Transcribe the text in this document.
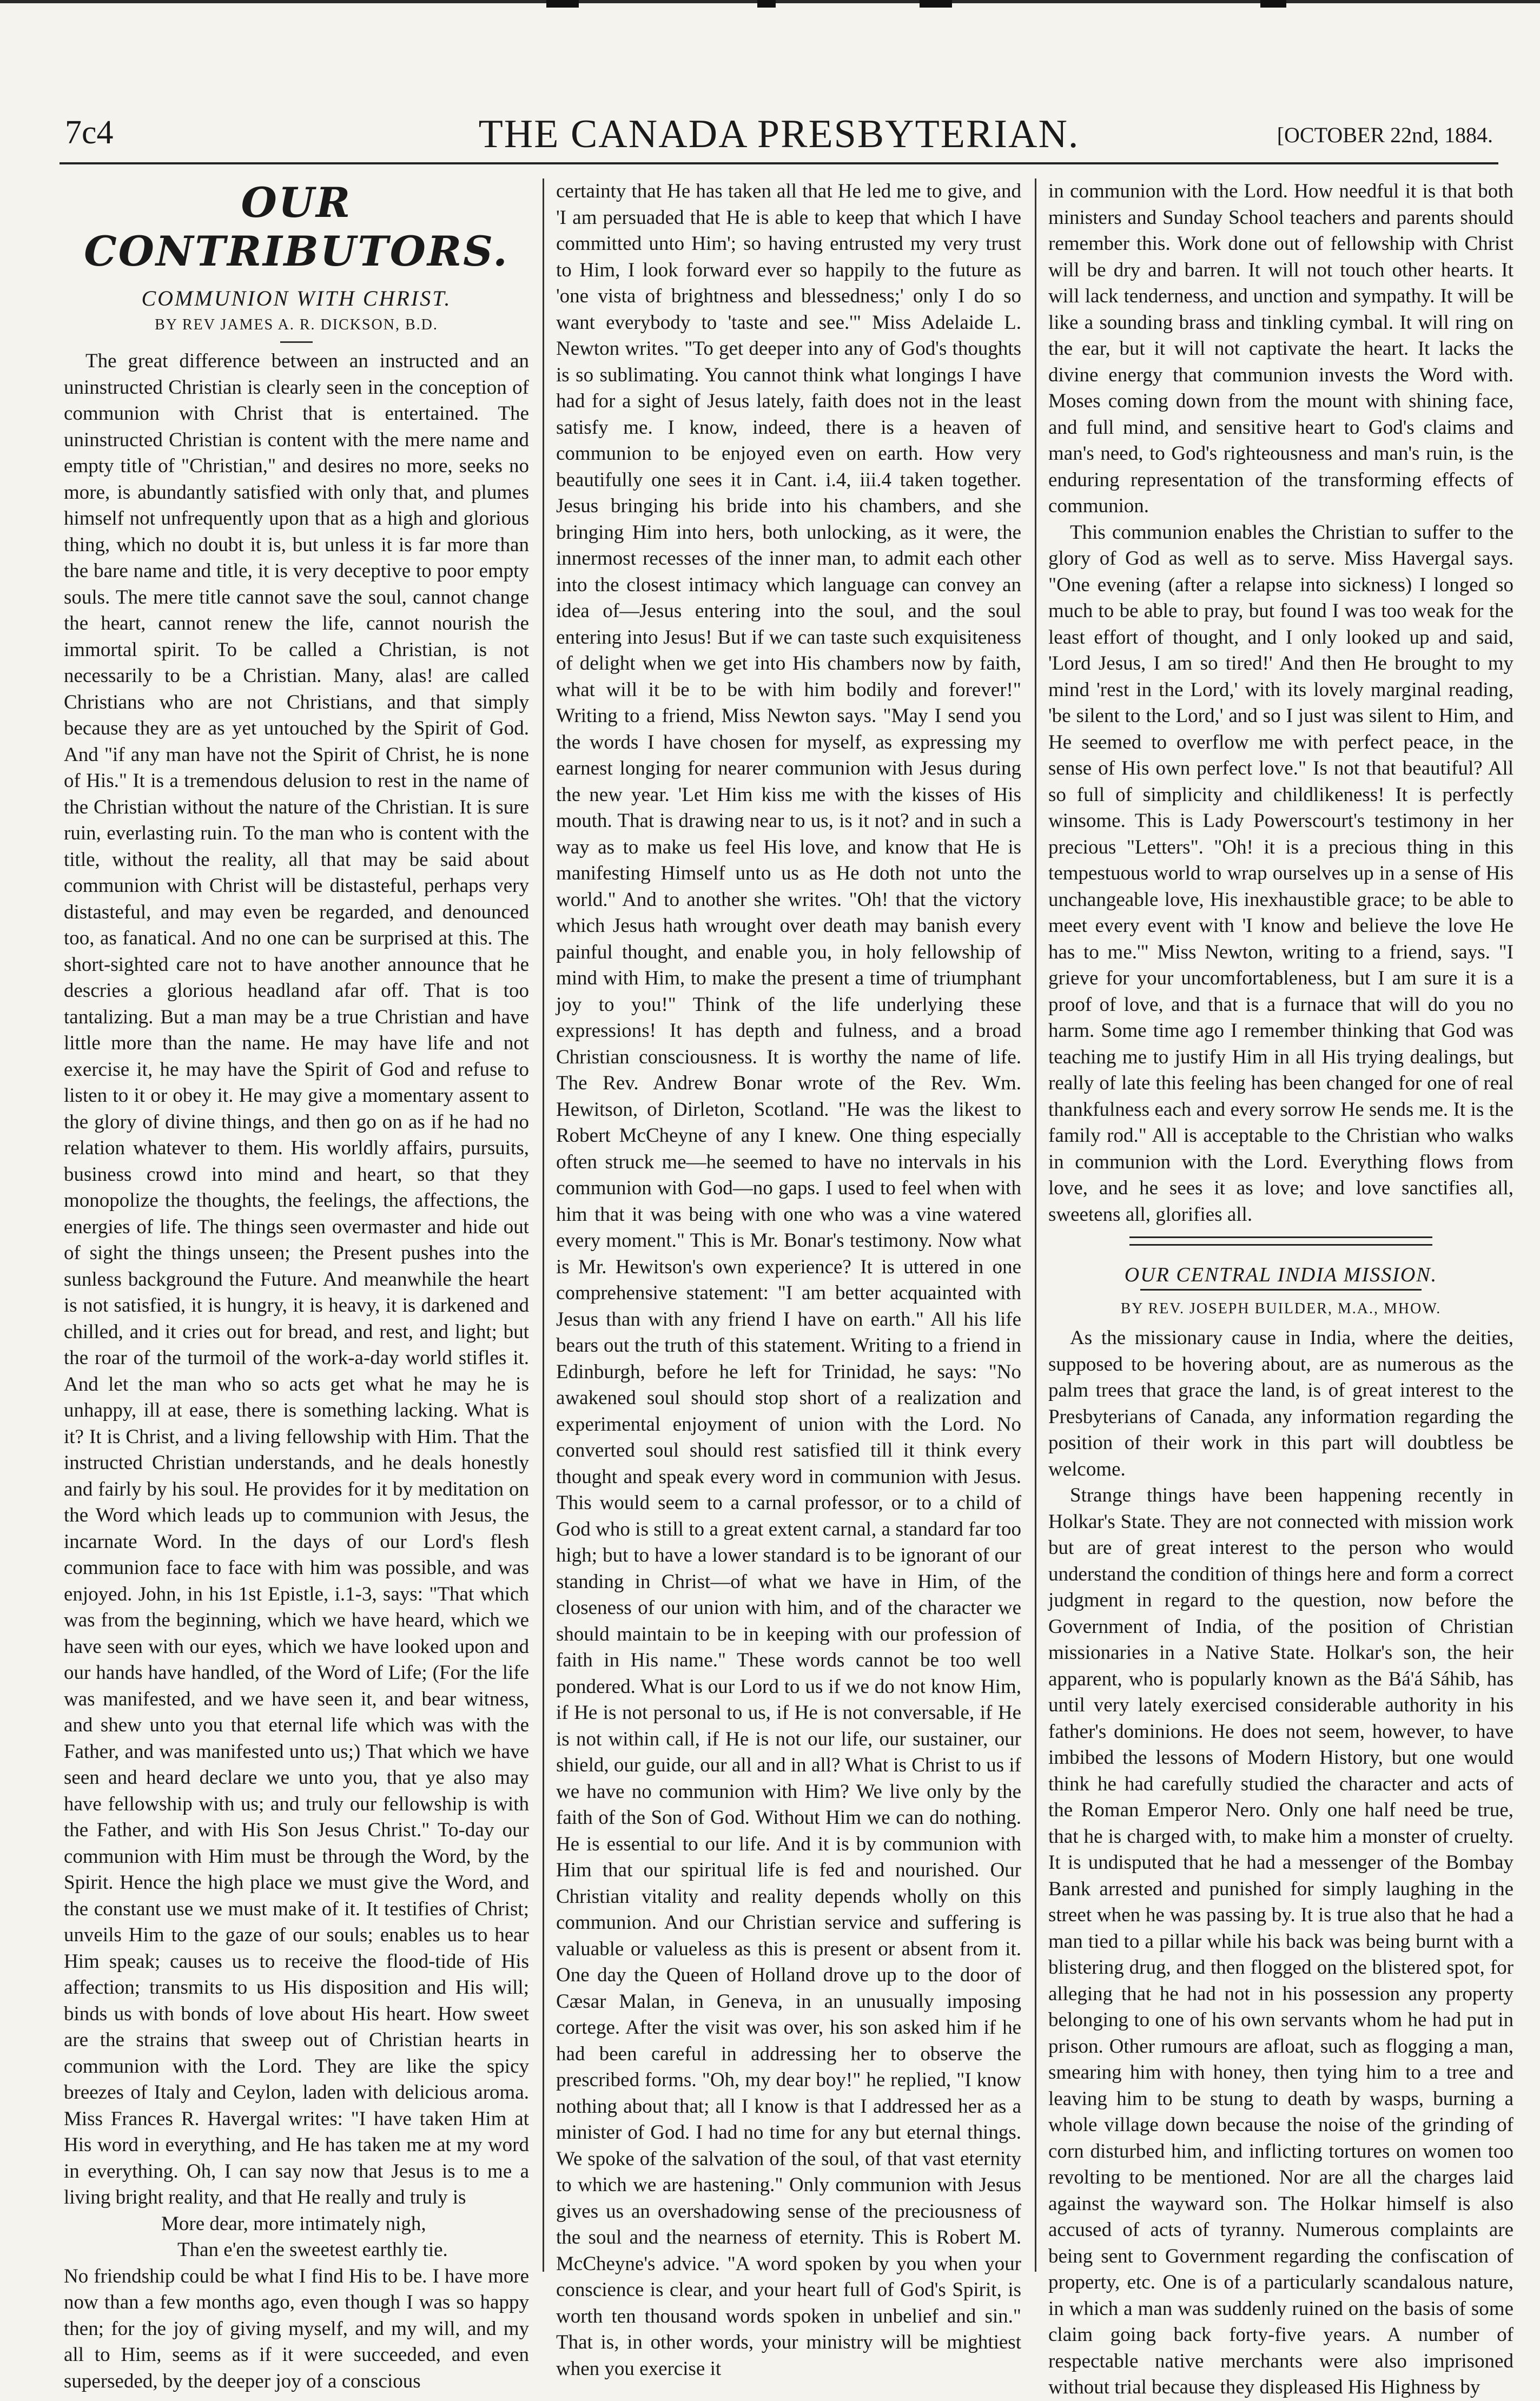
7c4	THE CANADA PRESBYTERIAN.	[OCTOBER 22nd, 1884.
OUR CONTRIBUTORS.
COMMUNION WITH CHRIST.
BY REV JAMES A. R. DICKSON, B.D.

The great difference between an instructed and an uninstructed Christian is clearly seen in the conception of communion with Christ that is entertained. The uninstructed Christian is content with the mere name and empty title of "Christian," and desires no more, seeks no more, is abundantly satisfied with only that, and plumes himself not unfrequently upon that as a high and glorious thing, which no doubt it is, but unless it is far more than the bare name and title, it is very deceptive to poor empty souls. The mere title cannot save the soul, cannot change the heart, cannot renew the life, cannot nourish the immortal spirit. To be called a Christian, is not necessarily to be a Christian. Many, alas! are called Christians who are not Christians, and that simply because they are as yet untouched by the Spirit of God. And "if any man have not the Spirit of Christ, he is none of His." It is a tremendous delusion to rest in the name of the Christian without the nature of the Christian. It is sure ruin, everlasting ruin. To the man who is content with the title, without the reality, all that may be said about communion with Christ will be distasteful, perhaps very distasteful, and may even be regarded, and denounced too, as fanatical. And no one can be surprised at this. The short-sighted care not to have another announce that he descries a glorious headland afar off. That is too tantalizing. But a man may be a true Christian and have little more than the name. He may have life and not exercise it, he may have the Spirit of God and refuse to listen to it or obey it. He may give a momentary assent to the glory of divine things, and then go on as if he had no relation whatever to them. His worldly affairs, pursuits, business crowd into mind and heart, so that they monopolize the thoughts, the feelings, the affections, the energies of life. The things seen overmaster and hide out of sight the things unseen; the Present pushes into the sunless background the Future. And meanwhile the heart is not satisfied, it is hungry, it is heavy, it is darkened and chilled, and it cries out for bread, and rest, and light; but the roar of the turmoil of the work-a-day world stifles it. And let the man who so acts get what he may he is unhappy, ill at ease, there is something lacking. What is it? It is Christ, and a living fellowship with Him. That the instructed Christian understands, and he deals honestly and fairly by his soul. He provides for it by meditation on the Word which leads up to communion with Jesus, the incarnate Word. In the days of our Lord's flesh communion face to face with him was possible, and was enjoyed. John, in his 1st Epistle, i.1-3, says: "That which was from the beginning, which we have heard, which we have seen with our eyes, which we have looked upon and our hands have handled, of the Word of Life; (For the life was manifested, and we have seen it, and bear witness, and shew unto you that eternal life which was with the Father, and was manifested unto us;) That which we have seen and heard declare we unto you, that ye also may have fellowship with us; and truly our fellowship is with the Father, and with His Son Jesus Christ." To-day our communion with Him must be through the Word, by the Spirit. Hence the high place we must give the Word, and the constant use we must make of it. It testifies of Christ; unveils Him to the gaze of our souls; enables us to hear Him speak; causes us to receive the flood-tide of His affection; transmits to us His disposition and His will; binds us with bonds of love about His heart. How sweet are the strains that sweep out of Christian hearts in communion with the Lord. They are like the spicy breezes of Italy and Ceylon, laden with delicious aroma. Miss Frances R. Havergal writes: "I have taken Him at His word in everything, and He has taken me at my word in everything. Oh, I can say now that Jesus is to me a living bright reality, and that He really and truly is

More dear, more intimately nigh,

Than e'en the sweetest earthly tie.

No friendship could be what I find His to be. I have more now than a few months ago, even though I was so happy then; for the joy of giving myself, and my will, and my all to Him, seems as if it were succeeded, and even superseded, by the deeper joy of a conscious

certainty that He has taken all that He led me to give, and 'I am persuaded that He is able to keep that which I have committed unto Him'; so having entrusted my very trust to Him, I look forward ever so happily to the future as 'one vista of brightness and blessedness;' only I do so want everybody to 'taste and see.'" Miss Adelaide L. Newton writes. "To get deeper into any of God's thoughts is so sublimating. You cannot think what longings I have had for a sight of Jesus lately, faith does not in the least satisfy me. I know, indeed, there is a heaven of communion to be enjoyed even on earth. How very beautifully one sees it in Cant. i.4, iii.4 taken together. Jesus bringing his bride into his chambers, and she bringing Him into hers, both unlocking, as it were, the innermost recesses of the inner man, to admit each other into the closest intimacy which language can convey an idea of—Jesus entering into the soul, and the soul entering into Jesus! But if we can taste such exquisiteness of delight when we get into His chambers now by faith, what will it be to be with him bodily and forever!" Writing to a friend, Miss Newton says. "May I send you the words I have chosen for myself, as expressing my earnest longing for nearer communion with Jesus during the new year. 'Let Him kiss me with the kisses of His mouth. That is drawing near to us, is it not? and in such a way as to make us feel His love, and know that He is manifesting Himself unto us as He doth not unto the world." And to another she writes. "Oh! that the victory which Jesus hath wrought over death may banish every painful thought, and enable you, in holy fellowship of mind with Him, to make the present a time of triumphant joy to you!" Think of the life underlying these expressions! It has depth and fulness, and a broad Christian consciousness. It is worthy the name of life. The Rev. Andrew Bonar wrote of the Rev. Wm. Hewitson, of Dirleton, Scotland. "He was the likest to Robert McCheyne of any I knew. One thing especially often struck me—he seemed to have no intervals in his communion with God—no gaps. I used to feel when with him that it was being with one who was a vine watered every moment." This is Mr. Bonar's testimony. Now what is Mr. Hewitson's own experience? It is uttered in one comprehensive statement: "I am better acquainted with Jesus than with any friend I have on earth." All his life bears out the truth of this statement. Writing to a friend in Edinburgh, before he left for Trinidad, he says: "No awakened soul should stop short of a realization and experimental enjoyment of union with the Lord. No converted soul should rest satisfied till it think every thought and speak every word in communion with Jesus. This would seem to a carnal professor, or to a child of God who is still to a great extent carnal, a standard far too high; but to have a lower standard is to be ignorant of our standing in Christ—of what we have in Him, of the closeness of our union with him, and of the character we should maintain to be in keeping with our profession of faith in His name." These words cannot be too well pondered. What is our Lord to us if we do not know Him, if He is not personal to us, if He is not conversable, if He is not within call, if He is not our life, our sustainer, our shield, our guide, our all and in all? What is Christ to us if we have no communion with Him? We live only by the faith of the Son of God. Without Him we can do nothing. He is essential to our life. And it is by communion with Him that our spiritual life is fed and nourished. Our Christian vitality and reality depends wholly on this communion. And our Christian service and suffering is valuable or valueless as this is present or absent from it. One day the Queen of Holland drove up to the door of Cæsar Malan, in Geneva, in an unusually imposing cortege. After the visit was over, his son asked him if he had been careful in addressing her to observe the prescribed forms. "Oh, my dear boy!" he replied, "I know nothing about that; all I know is that I addressed her as a minister of God. I had no time for any but eternal things. We spoke of the salvation of the soul, of that vast eternity to which we are hastening." Only communion with Jesus gives us an overshadowing sense of the preciousness of the soul and the nearness of eternity. This is Robert M. McCheyne's advice. "A word spoken by you when your conscience is clear, and your heart full of God's Spirit, is worth ten thousand words spoken in unbelief and sin." That is, in other words, your ministry will be mightiest when you exercise it

in communion with the Lord. How needful it is that both ministers and Sunday School teachers and parents should remember this. Work done out of fellowship with Christ will be dry and barren. It will not touch other hearts. It will lack tenderness, and unction and sympathy. It will be like a sounding brass and tinkling cymbal. It will ring on the ear, but it will not captivate the heart. It lacks the divine energy that communion invests the Word with. Moses coming down from the mount with shining face, and full mind, and sensitive heart to God's claims and man's need, to God's righteousness and man's ruin, is the enduring representation of the transforming effects of communion.

This communion enables the Christian to suffer to the glory of God as well as to serve. Miss Havergal says. "One evening (after a relapse into sickness) I longed so much to be able to pray, but found I was too weak for the least effort of thought, and I only looked up and said, 'Lord Jesus, I am so tired!' And then He brought to my mind 'rest in the Lord,' with its lovely marginal reading, 'be silent to the Lord,' and so I just was silent to Him, and He seemed to overflow me with perfect peace, in the sense of His own perfect love." Is not that beautiful? All so full of simplicity and childlikeness! It is perfectly winsome. This is Lady Powerscourt's testimony in her precious "Letters". "Oh! it is a precious thing in this tempestuous world to wrap ourselves up in a sense of His unchangeable love, His inexhaustible grace; to be able to meet every event with 'I know and believe the love He has to me.'" Miss Newton, writing to a friend, says. "I grieve for your uncomfortableness, but I am sure it is a proof of love, and that is a furnace that will do you no harm. Some time ago I remember thinking that God was teaching me to justify Him in all His trying dealings, but really of late this feeling has been changed for one of real thankfulness each and every sorrow He sends me. It is the family rod." All is acceptable to the Christian who walks in communion with the Lord. Everything flows from love, and he sees it as love; and love sanctifies all, sweetens all, glorifies all.

OUR CENTRAL INDIA MISSION.
BY REV. JOSEPH BUILDER, M.A., MHOW.

As the missionary cause in India, where the deities, supposed to be hovering about, are as numerous as the palm trees that grace the land, is of great interest to the Presbyterians of Canada, any information regarding the position of their work in this part will doubtless be welcome.

Strange things have been happening recently in Holkar's State. They are not connected with mission work but are of great interest to the person who would understand the condition of things here and form a correct judgment in regard to the question, now before the Government of India, of the position of Christian missionaries in a Native State. Holkar's son, the heir apparent, who is popularly known as the Bá'á Sáhib, has until very lately exercised considerable authority in his father's dominions. He does not seem, however, to have imbibed the lessons of Modern History, but one would think he had carefully studied the character and acts of the Roman Emperor Nero. Only one half need be true, that he is charged with, to make him a monster of cruelty. It is undisputed that he had a messenger of the Bombay Bank arrested and punished for simply laughing in the street when he was passing by. It is true also that he had a man tied to a pillar while his back was being burnt with a blistering drug, and then flogged on the blistered spot, for alleging that he had not in his possession any property belonging to one of his own servants whom he had put in prison. Other rumours are afloat, such as flogging a man, smearing him with honey, then tying him to a tree and leaving him to be stung to death by wasps, burning a whole village down because the noise of the grinding of corn disturbed him, and inflicting tortures on women too revolting to be mentioned. Nor are all the charges laid against the wayward son. The Holkar himself is also accused of acts of tyranny. Numerous complaints are being sent to Government regarding the confiscation of property, etc. One is of a particularly scandalous nature, in which a man was suddenly ruined on the basis of some claim going back forty-five years. A number of respectable native merchants were also imprisoned without trial because they displeased His Highness by
